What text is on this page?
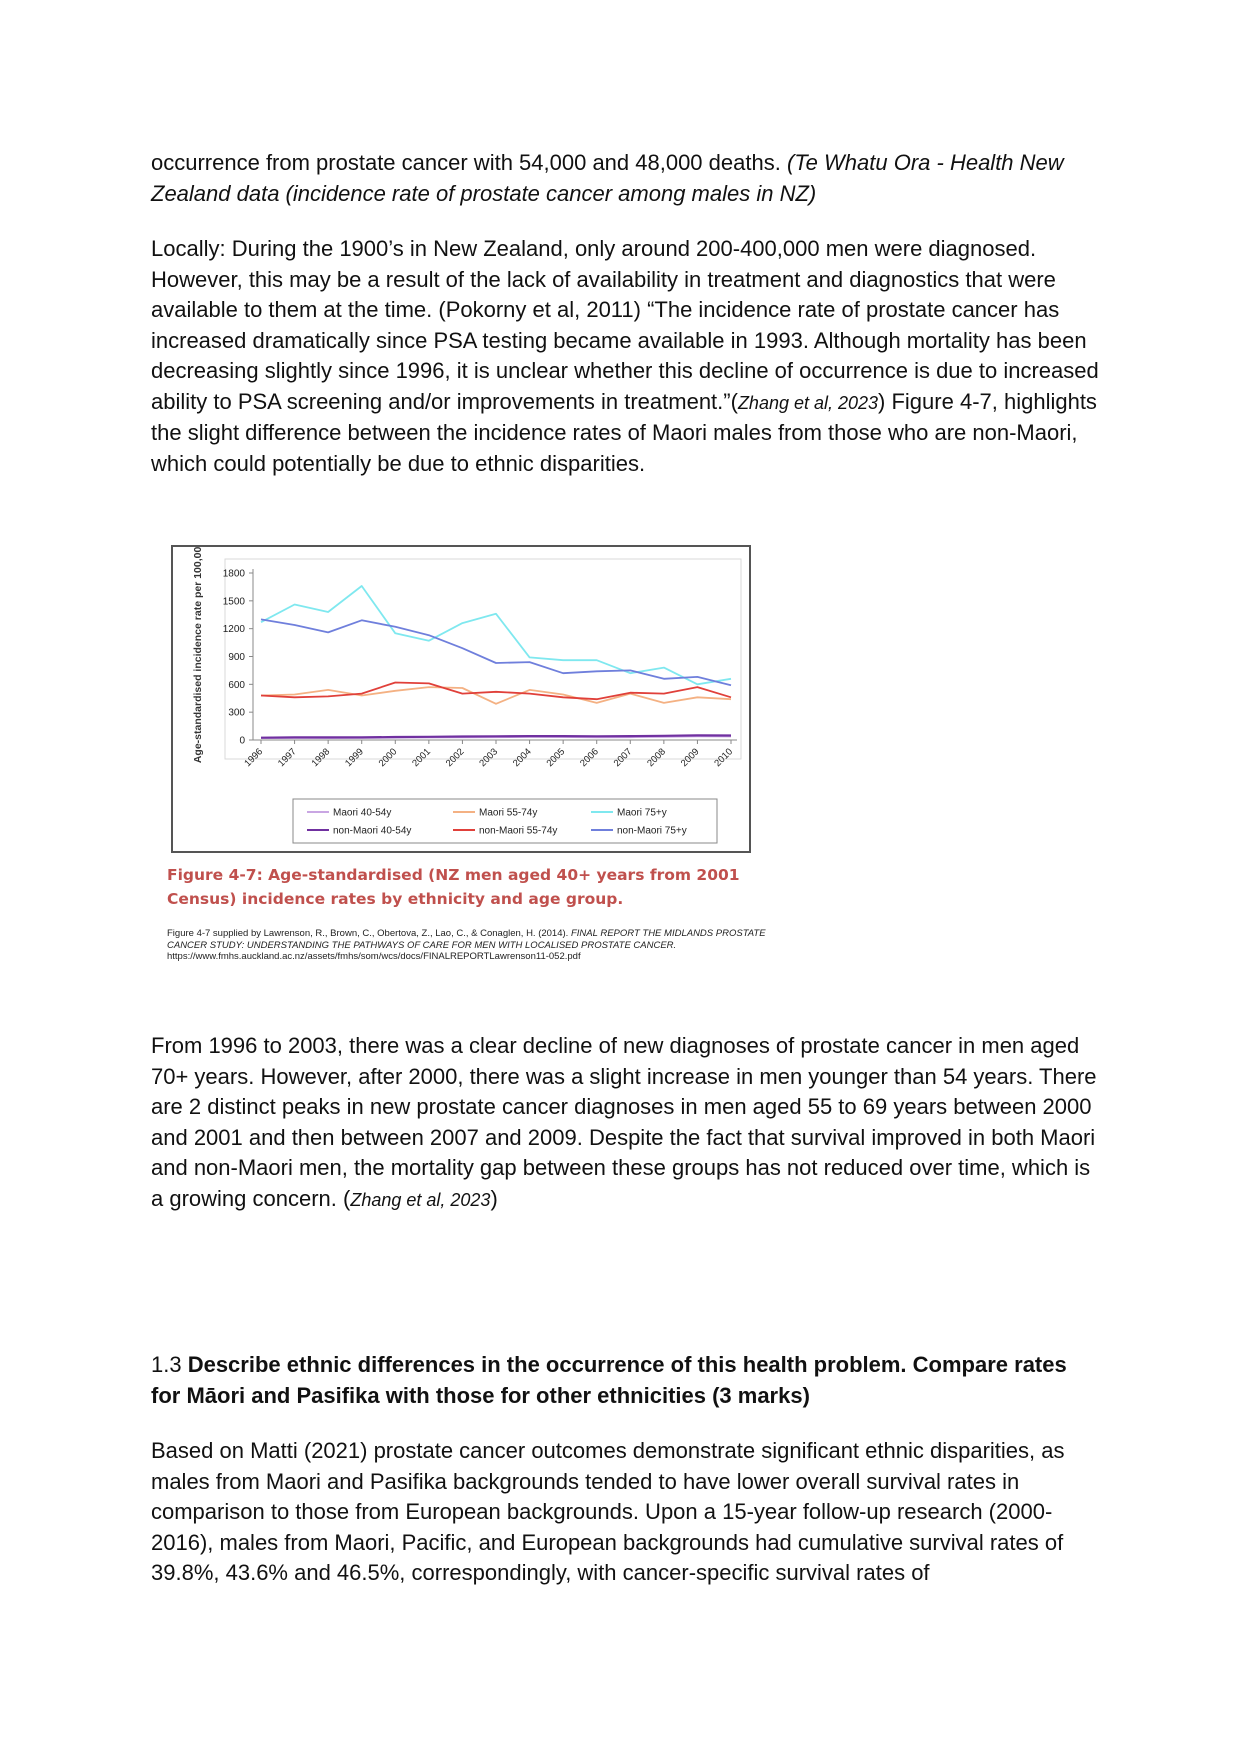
occurrence from prostate cancer with 54,000 and 48,000 deaths. (Te Whatu Ora - Health New Zealand data (incidence rate of prostate cancer among males in NZ)

Locally: During the 1900’s in New Zealand, only around 200-400,000 men were diagnosed. However, this may be a result of the lack of availability in treatment and diagnostics that were available to them at the time. (Pokorny et al, 2011) “The incidence rate of prostate cancer has increased dramatically since PSA testing became available in 1993. Although mortality has been decreasing slightly since 1996, it is unclear whether this decline of occurrence is due to increased ability to PSA screening and/or improvements in treatment.”(Zhang et al, 2023) Figure 4-7, highlights the slight difference between the incidence rates of Maori males from those who are non-Maori, which could potentially be due to ethnic disparities.

Age-standardised incidence rate per 100,000	0
300
600
900
1200
1500
1800
1996 1997 1998 1999 2000 2001 2002 2003 2004 2005 2006 2007 2008 2009 2010
Maori 40-54y	Maori 55-74y	Maori 75+y
non-Maori 40-54y	non-Maori 55-74y	non-Maori 75+y
Figure 4-7: Age-standardised (NZ men aged 40+ years from 2001 Census) incidence rates by ethnicity and age group.
Figure 4-7 supplied by Lawrenson, R., Brown, C., Obertova, Z., Lao, C., & Conaglen, H. (2014). FINAL REPORT THE MIDLANDS PROSTATE CANCER STUDY: UNDERSTANDING THE PATHWAYS OF CARE FOR MEN WITH LOCALISED PROSTATE CANCER.
https://www.fmhs.auckland.ac.nz/assets/fmhs/som/wcs/docs/FINALREPORTLawrenson11-052.pdf

From 1996 to 2003, there was a clear decline of new diagnoses of prostate cancer in men aged 70+ years. However, after 2000, there was a slight increase in men younger than 54 years. There are 2 distinct peaks in new prostate cancer diagnoses in men aged 55 to 69 years between 2000 and 2001 and then between 2007 and 2009. Despite the fact that survival improved in both Maori and non-Maori men, the mortality gap between these groups has not reduced over time, which is a growing concern. (Zhang et al, 2023)

1.3 Describe ethnic differences in the occurrence of this health problem. Compare rates for Māori and Pasifika with those for other ethnicities (3 marks)

Based on Matti (2021) prostate cancer outcomes demonstrate significant ethnic disparities, as males from Maori and Pasifika backgrounds tended to have lower overall survival rates in comparison to those from European backgrounds. Upon a 15-year follow-up research (2000-2016), males from Maori, Pacific, and European backgrounds had cumulative survival rates of 39.8%, 43.6% and 46.5%, correspondingly, with cancer-specific survival rates of
